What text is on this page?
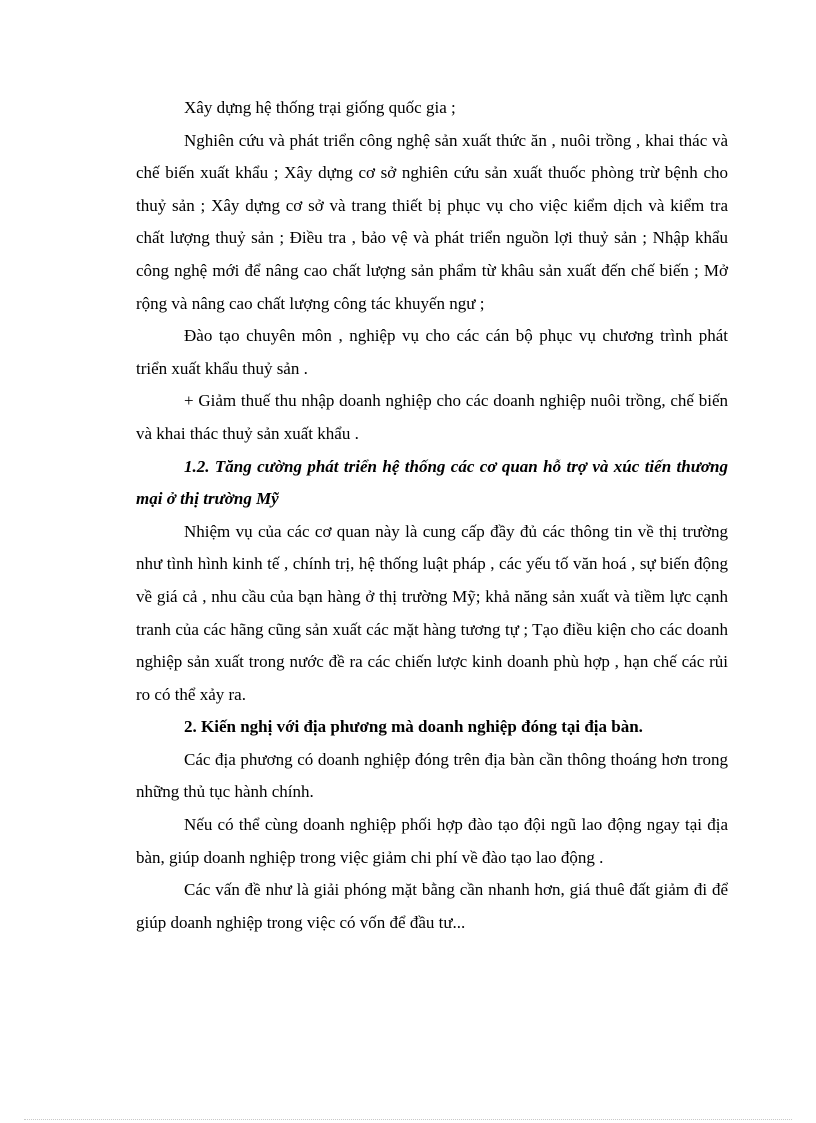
Xây dựng hệ thống trại giống quốc gia ;

Nghiên cứu và phát triển công nghệ sản xuất thức ăn , nuôi trồng , khai thác và chế biến xuất khẩu ; Xây dựng cơ sở nghiên cứu sản xuất thuốc phòng trừ bệnh cho thuỷ sản ; Xây dựng cơ sở và trang thiết bị phục vụ cho việc kiểm dịch và kiểm tra chất lượng thuỷ sản ; Điều tra , bảo vệ và phát triển nguồn lợi thuỷ sản ; Nhập khẩu công nghệ mới để nâng cao chất lượng sản phẩm từ khâu sản xuất đến chế biến ; Mở rộng và nâng cao chất lượng công tác khuyến ngư ;

Đào tạo chuyên môn , nghiệp vụ cho các cán bộ phục vụ chương trình phát triển xuất khẩu thuỷ sản .

+ Giảm thuế thu nhập doanh nghiệp cho các doanh nghiệp nuôi trồng, chế biến và khai thác thuỷ sản xuất khẩu .

1.2. Tăng cường phát triển hệ thống các cơ quan hỗ trợ và xúc tiến thương mại ở thị trường Mỹ

Nhiệm vụ của các cơ quan này là cung cấp đầy đủ các thông tin về thị trường như tình hình kinh tế , chính trị, hệ thống luật pháp , các yếu tố văn hoá , sự biến động về giá cả , nhu cầu của bạn hàng ở thị trường Mỹ; khả năng sản xuất và tiềm lực cạnh tranh của các hãng cũng sản xuất các mặt hàng tương tự ; Tạo điều kiện cho các doanh nghiệp sản xuất trong nước đề ra các chiến lược kinh doanh phù hợp , hạn chế các rủi ro có thể xảy ra.

2. Kiến nghị với địa phương mà doanh nghiệp đóng tại địa bàn.

Các địa phương có doanh nghiệp đóng trên địa bàn cần thông thoáng hơn trong những thủ tục hành chính.

Nếu có thể cùng doanh nghiệp phối hợp đào tạo đội ngũ lao động ngay tại địa bàn, giúp doanh nghiệp trong việc giảm chi phí về đào tạo lao động .

Các vấn đề như là giải phóng mặt bằng cần nhanh hơn, giá thuê đất giảm đi để giúp doanh nghiệp trong việc có vốn để đầu tư...
